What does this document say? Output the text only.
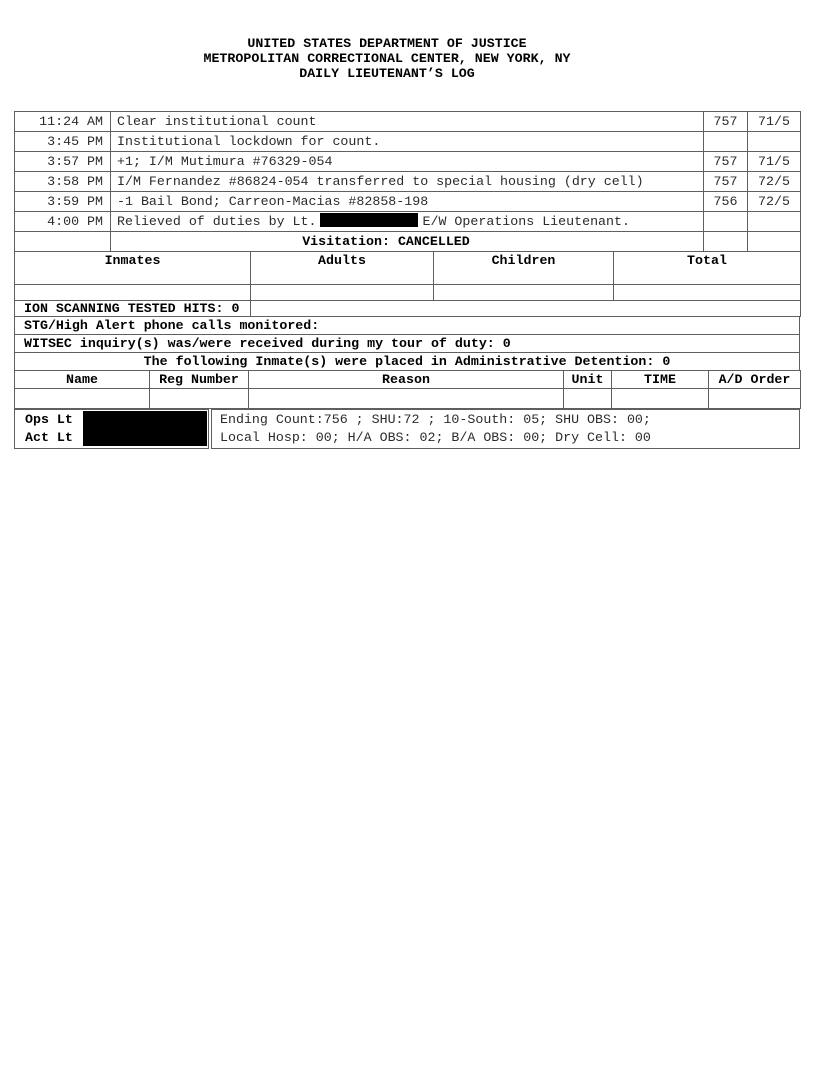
UNITED STATES DEPARTMENT OF JUSTICE
METROPOLITAN CORRECTIONAL CENTER, NEW YORK, NY
DAILY LIEUTENANT’S LOG
11:24 AM	Clear institutional count	757	71/5
3:45 PM	Institutional lockdown for count.		
3:57 PM	+1; I/M Mutimura #76329-054	757	71/5
3:58 PM	I/M Fernandez #86824-054 transferred to special housing (dry cell)	757	72/5
3:59 PM	-1 Bail Bond; Carreon-Macias #82858-198	756	72/5
4:00 PM	Relieved of duties by Lt. E/W Operations Lieutenant.		
	Visitation: CANCELLED		
Inmates	Adults	Children	Total

ION SCANNING TESTED HITS: 0	
STG/High Alert phone calls monitored:
WITSEC inquiry(s) was/were received during my tour of duty: 0
The following Inmate(s) were placed in Administrative Detention: 0
Name	Reg Number	Reason	Unit	TIME	A/D Order

Ops Lt
Act Lt
Ending Count:756 ; SHU:72 ; 10-South: 05; SHU OBS: 00;
Local Hosp: 00; H/A OBS: 02; B/A OBS: 00; Dry Cell: 00
